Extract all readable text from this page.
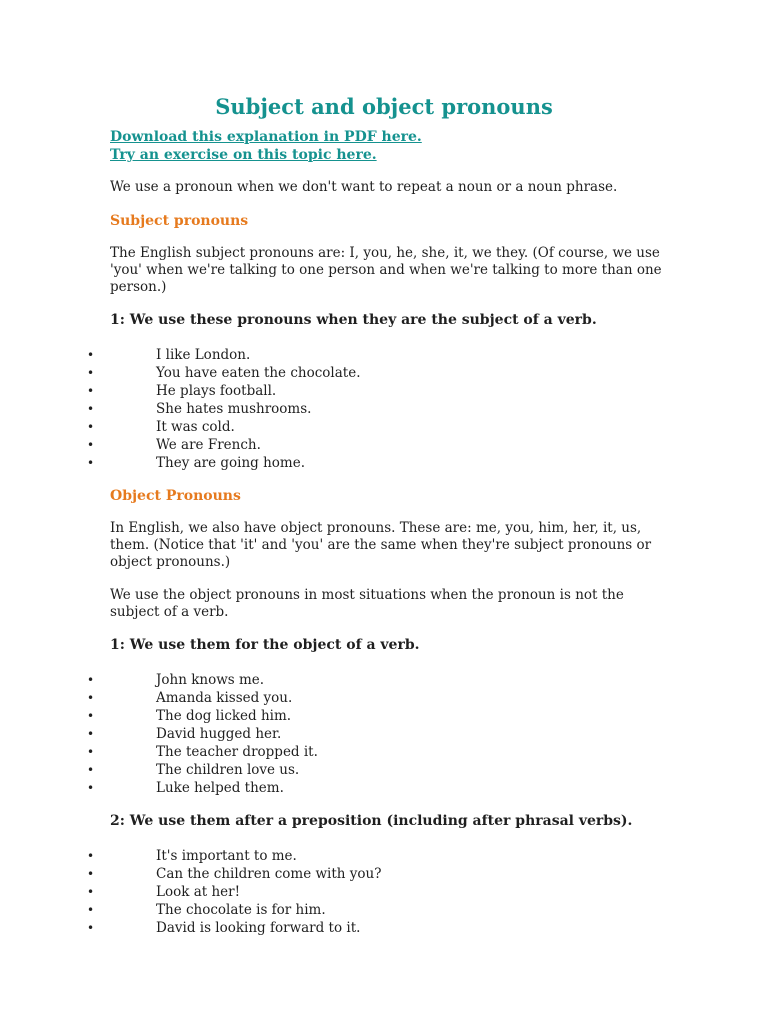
Subject and object pronouns
Download this explanation in PDF here.
Try an exercise on this topic here.

We use a pronoun when we don't want to repeat a noun or a noun phrase.

Subject pronouns
The English subject pronouns are: I, you, he, she, it, we they. (Of course, we use
'you' when we're talking to one person and when we're talking to more than one
person.)

1: We use these pronouns when they are the subject of a verb.

•	I like London.
•	You have eaten the chocolate.
•	He plays football.
•	She hates mushrooms.
•	It was cold.
•	We are French.
•	They are going home.
Object Pronouns
In English, we also have object pronouns. These are: me, you, him, her, it, us,
them. (Notice that 'it' and 'you' are the same when they're subject pronouns or
object pronouns.)
We use the object pronouns in most situations when the pronoun is not the
subject of a verb.

1: We use them for the object of a verb.

•	John knows me.
•	Amanda kissed you.
•	The dog licked him.
•	David hugged her.
•	The teacher dropped it.
•	The children love us.
•	Luke helped them.

2: We use them after a preposition (including after phrasal verbs).

•	It's important to me.
•	Can the children come with you?
•	Look at her!
•	The chocolate is for him.
•	David is looking forward to it.
